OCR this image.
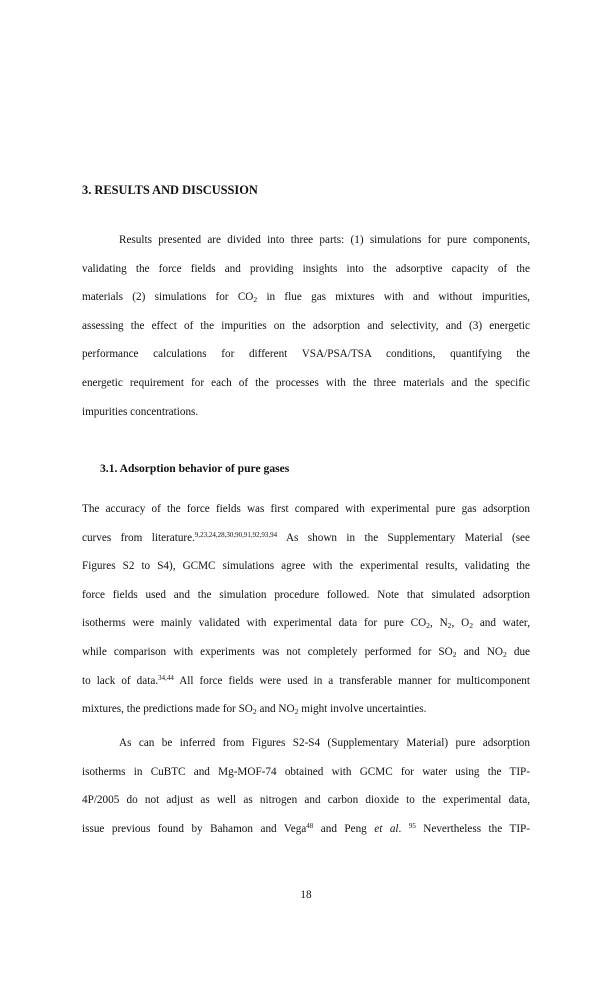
3. RESULTS AND DISCUSSION
Results presented are divided into three parts: (1) simulations for pure components,
validating the force fields and providing insights into the adsorptive capacity of the
materials (2) simulations for $CO_2$ in flue gas mixtures with and without impurities,
assessing the effect of the impurities on the adsorption and selectivity, and (3) energetic
performance calculations for different VSA/PSA/TSA conditions, quantifying the
energetic requirement for each of the processes with the three materials and the specific
impurities concentrations.
3.1. Adsorption behavior of pure gases
The accuracy of the force fields was first compared with experimental pure gas adsorption
curves from literature.$^{9,23,24,28,30,90,91,92,93,94}$ As shown in the Supplementary Material (see
Figures S2 to S4), GCMC simulations agree with the experimental results, validating the
force fields used and the simulation procedure followed. Note that simulated adsorption
isotherms were mainly validated with experimental data for pure $CO_2$, $N_2$, $O_2$ and water,
while comparison with experiments was not completely performed for $SO_2$ and $NO_2$ due
to lack of data.$^{34,44}$ All force fields were used in a transferable manner for multicomponent
mixtures, the predictions made for $SO_2$ and $NO_2$ might involve uncertainties.
As can be inferred from Figures S2-S4 (Supplementary Material) pure adsorption
isotherms in CuBTC and Mg-MOF-74 obtained with GCMC for water using the TIP-
4P/2005 do not adjust as well as nitrogen and carbon dioxide to the experimental data,
issue previous found by Bahamon and Vega$^{48}$ and Peng et al. $^{95}$ Nevertheless the TIP-
18
